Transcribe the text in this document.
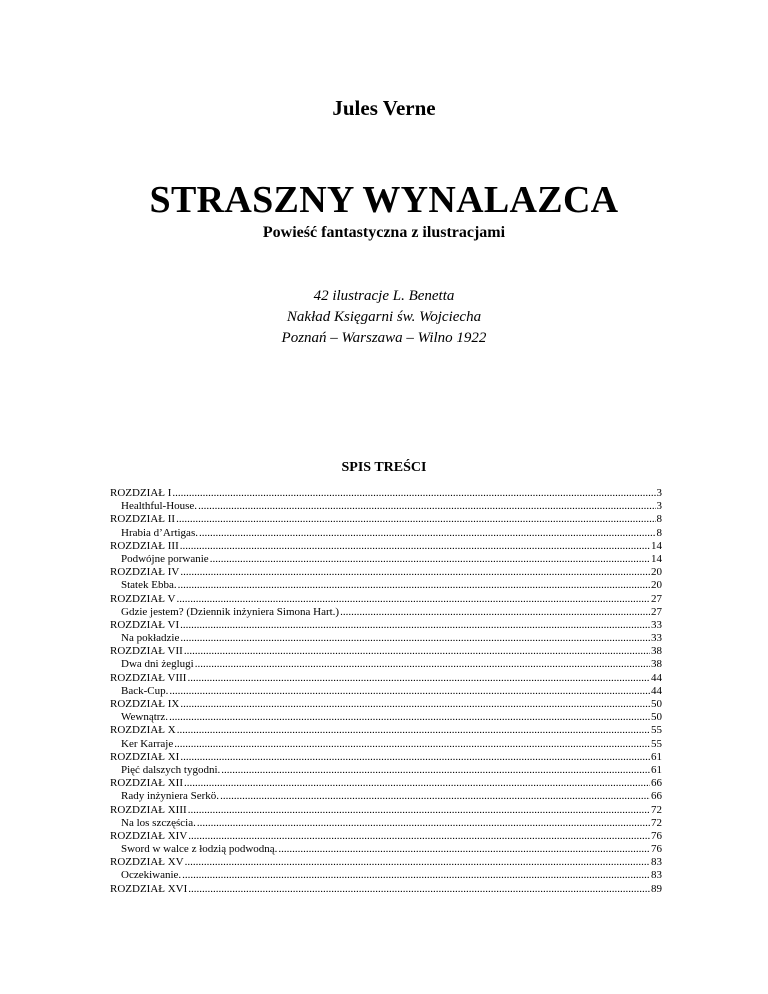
Jules Verne
STRASZNY WYNALAZCA
Powieść fantastyczna z ilustracjami
42 ilustracje L. Benetta
Nakład Księgarni św. Wojciecha
Poznań – Warszawa – Wilno 1922
SPIS TREŚCI
ROZDZIAŁ I .....	3
Healthful-House. .....	3
ROZDZIAŁ II .....	8
Hrabia d’Artigas. .....	8
ROZDZIAŁ III .....	14
Podwójne porwanie .....	14
ROZDZIAŁ IV .....	20
Statek Ebba. .....	20
ROZDZIAŁ V .....	27
Gdzie jestem? (Dziennik inżyniera Simona Hart.) .....	27
ROZDZIAŁ VI .....	33
Na pokładzie .....	33
ROZDZIAŁ VII .....	38
Dwa dni żeglugi .....	38
ROZDZIAŁ VIII .....	44
Back-Cup. .....	44
ROZDZIAŁ IX .....	50
Wewnątrz. .....	50
ROZDZIAŁ X .....	55
Ker Karraje .....	55
ROZDZIAŁ XI .....	61
Pięć dalszych tygodni. .....	61
ROZDZIAŁ XII .....	66
Rady inżyniera Serkö. .....	66
ROZDZIAŁ XIII .....	72
Na los szczęścia. .....	72
ROZDZIAŁ XIV .....	76
Sword w walce z łodzią podwodną. .....	76
ROZDZIAŁ XV .....	83
Oczekiwanie. .....	83
ROZDZIAŁ XVI .....	89
